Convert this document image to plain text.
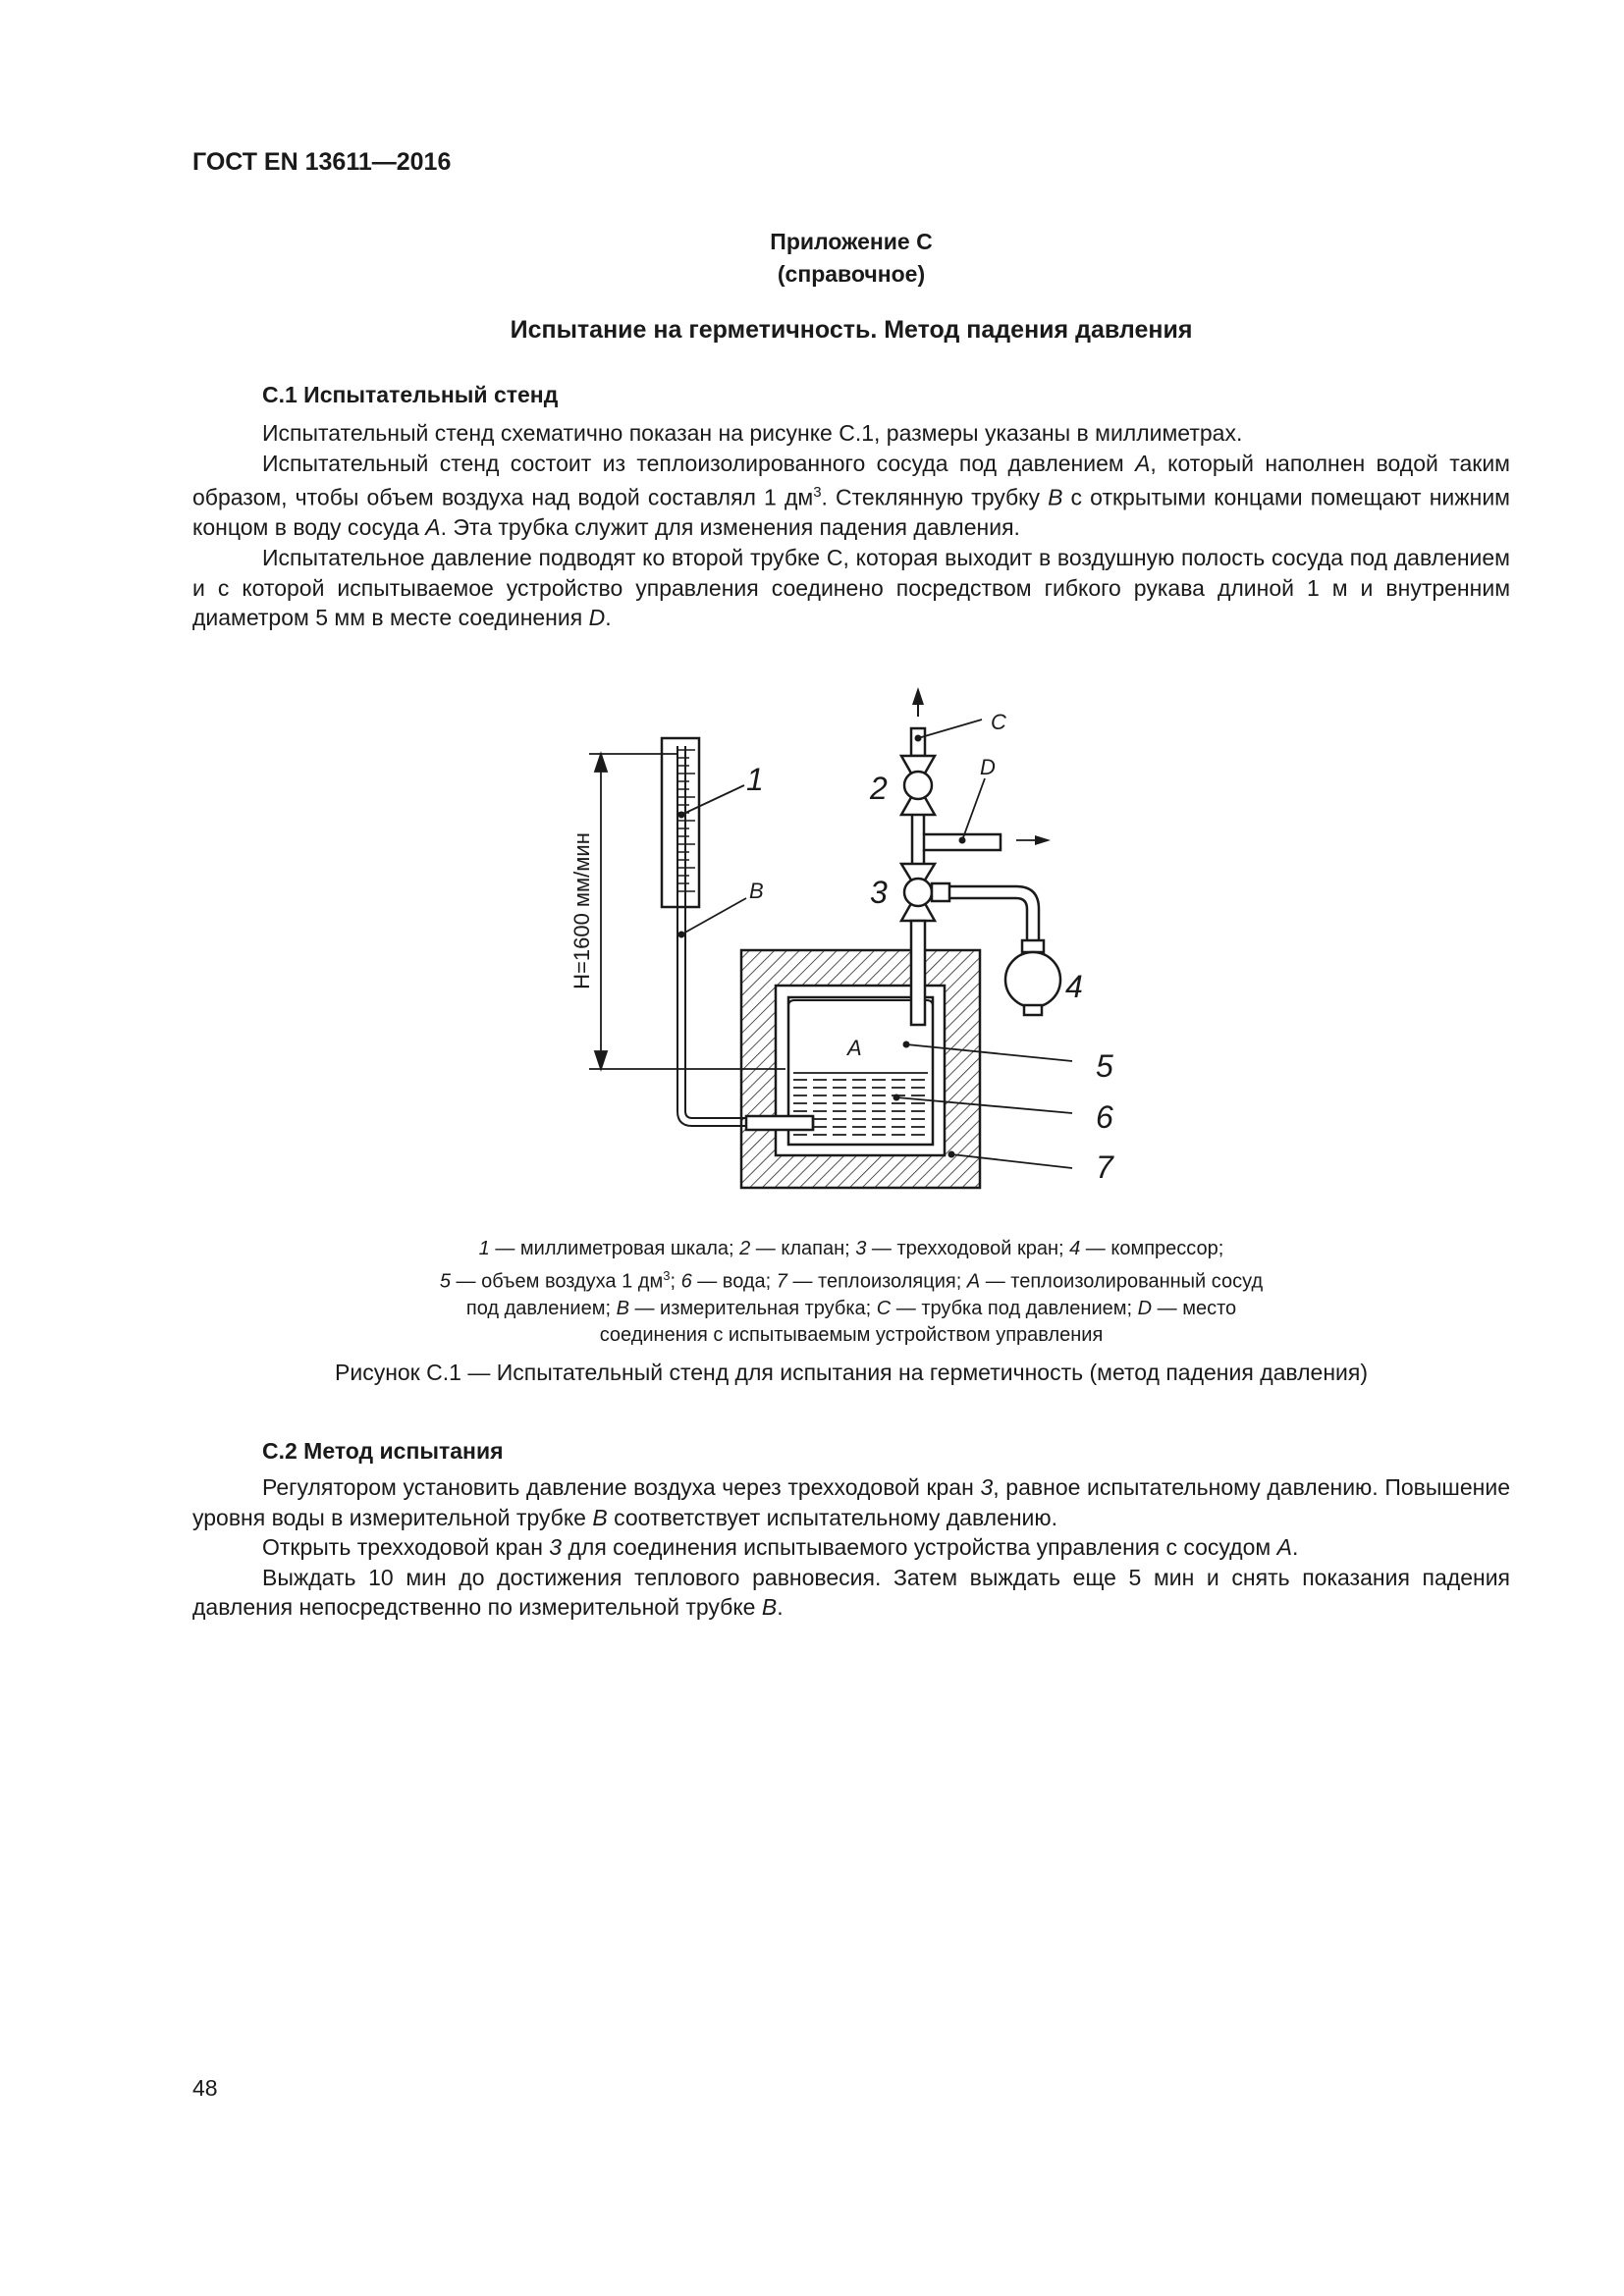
ГОСТ EN 13611—2016
Приложение С
(справочное)
Испытание на герметичность. Метод падения давления
С.1 Испытательный стенд

Испытательный стенд схематично показан на рисунке С.1, размеры указаны в миллиметрах.

Испытательный стенд состоит из теплоизолированного сосуда под давлением А, который наполнен водой таким образом, чтобы объем воздуха над водой составлял 1 $дм^3$. Стеклянную трубку В с открытыми концами помещают нижним концом в воду сосуда А. Эта трубка служит для изменения падения давления.

Испытательное давление подводят ко второй трубке С, которая выходит в воздушную полость сосуда под давлением и с которой испытываемое устройство управления соединено посредством гибкого рукава длиной 1 м и внутренним диаметром 5 мм в месте соединения D.

H=1600 мм/мин
1	2
3
4
5
6
7
A
B
C
D
1 — миллиметровая шкала; 2 — клапан; 3 — трехходовой кран; 4 — компрессор;
5 — объем воздуха 1 $дм^3$; 6 — вода; 7 — теплоизоляция; А — теплоизолированный сосуд
под давлением; В — измерительная трубка; С — трубка под давлением; D — место
соединения с испытываемым устройством управления
Рисунок С.1 — Испытательный стенд для испытания на герметичность (метод падения давления)
С.2 Метод испытания

Регулятором установить давление воздуха через трехходовой кран 3, равное испытательному давлению. Повышение уровня воды в измерительной трубке В соответствует испытательному давлению.

Открыть трехходовой кран 3 для соединения испытываемого устройства управления с сосудом А.

Выждать 10 мин до достижения теплового равновесия. Затем выждать еще 5 мин и снять показания падения давления непосредственно по измерительной трубке В.

48
